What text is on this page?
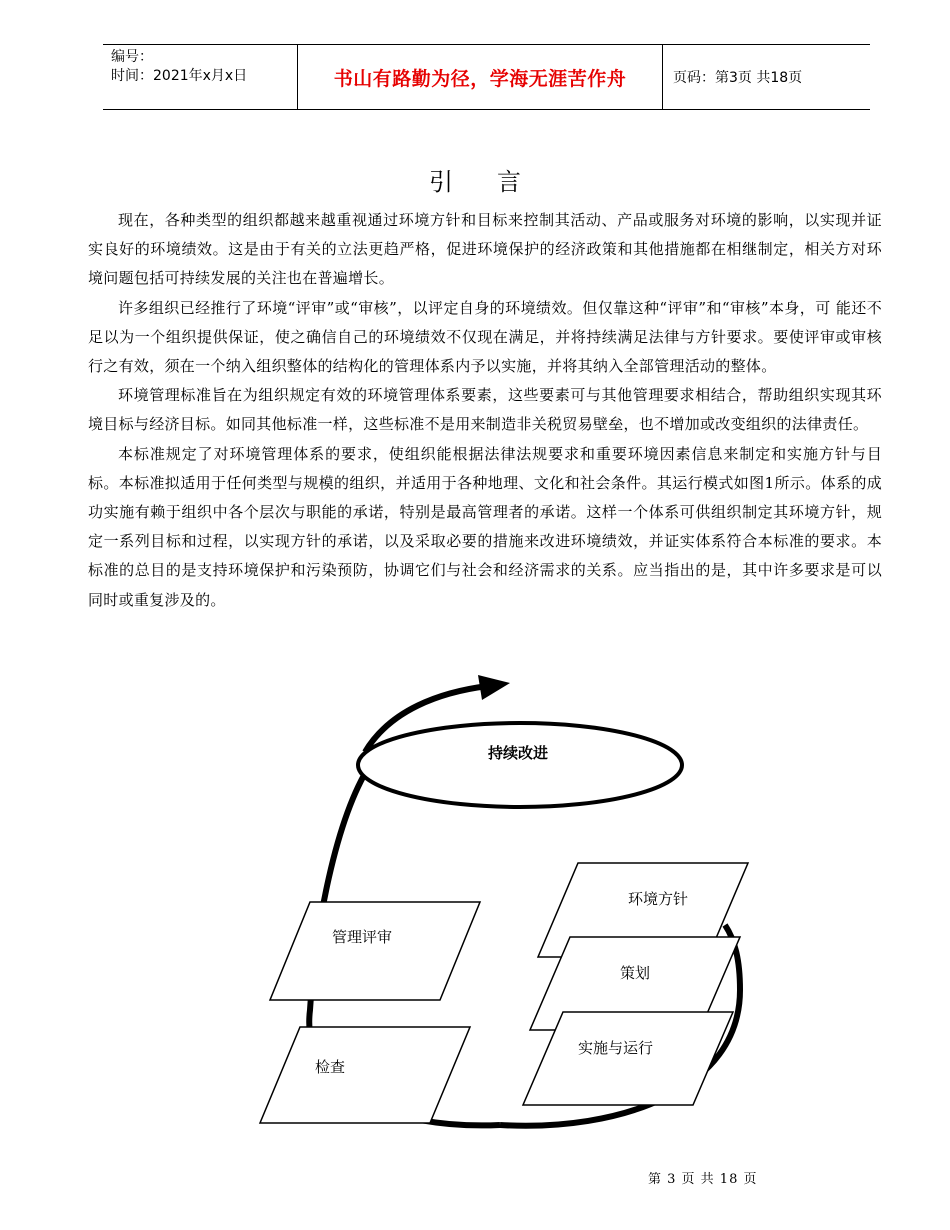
编号：
时间：2021年x月x日	书山有路勤为径，学海无涯苦作舟	页码：第3页 共18页
引言

现在，各种类型的组织都越来越重视通过环境方针和目标来控制其活动、产品或服务对环境的影响，以实现并证实良好的环境绩效。这是由于有关的立法更趋严格，促进环境保护的经济政策和其他措施都在相继制定，相关方对环境问题包括可持续发展的关注也在普遍增长。

许多组织已经推行了环境“评审”或“审核”，以评定自身的环境绩效。但仅靠这种“评审”和“审核”本身，可 能还不足以为一个组织提供保证，使之确信自己的环境绩效不仅现在满足，并将持续满足法律与方针要求。要使评审或审核行之有效，须在一个纳入组织整体的结构化的管理体系内予以实施，并将其纳入全部管理活动的整体。

环境管理标准旨在为组织规定有效的环境管理体系要素，这些要素可与其他管理要求相结合，帮助组织实现其环境目标与经济目标。如同其他标准一样，这些标准不是用来制造非关税贸易壁垒，也不增加或改变组织的法律责任。

本标准规定了对环境管理体系的要求，使组织能根据法律法规要求和重要环境因素信息来制定和实施方针与目标。本标准拟适用于任何类型与规模的组织，并适用于各种地理、文化和社会条件。其运行模式如图1所示。体系的成功实施有赖于组织中各个层次与职能的承诺，特别是最高管理者的承诺。这样一个体系可供组织制定其环境方针，规定一系列目标和过程，以实现方针的承诺，以及采取必要的措施来改进环境绩效，并证实体系符合本标准的要求。本标准的总目的是支持环境保护和污染预防，协调它们与社会和经济需求的关系。应当指出的是，其中许多要求是可以同时或重复涉及的。

持续改进
环境方针
策划
实施与运行
管理评审
检查
第 3 页 共 18 页
